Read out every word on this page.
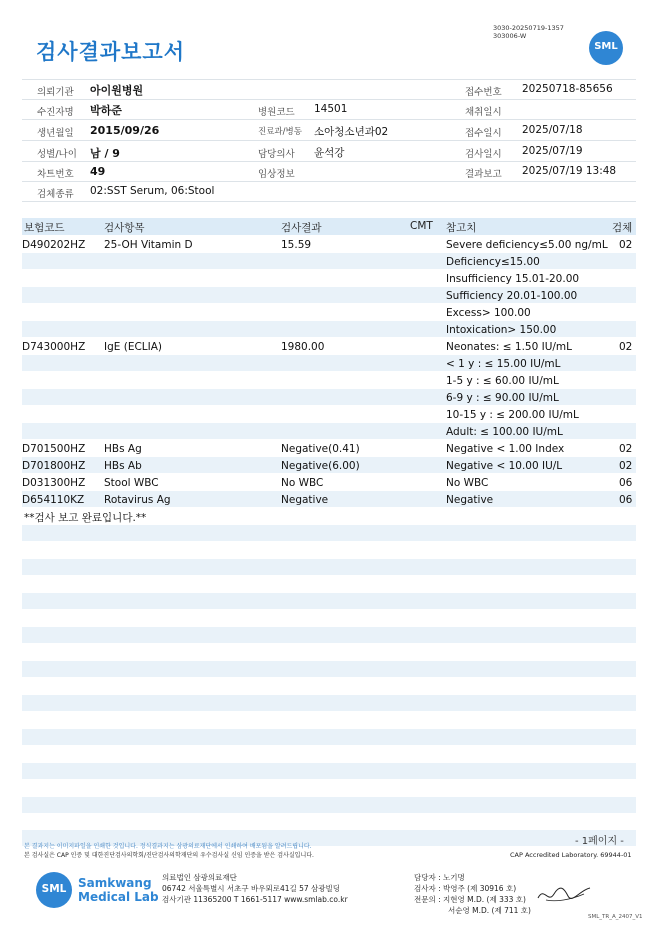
검사결과보고서
3030-20250719-1357
303006-W
SML
의뢰기관 아이원병원	접수번호 20250718-85656
수진자명 박하준	병원코드 14501	채취일시
생년월일 2015/09/26	진료과/병동 소아청소년과02	접수일시 2025/07/18
성별/나이 남 / 9	담당의사 윤석강	검사일시 2025/07/19
차트번호 49	임상정보	결과보고 2025/07/19 13:48
검체종류 02:SST Serum, 06:Stool
보험코드	검사항목	검사결과	CMT 참고치	검체
D490202HZ 25-OH Vitamin D	15.59	Severe deficiency≤5.00 ng/mL 02
Deficiency≤15.00
Insufficiency 15.01-20.00
Sufficiency 20.01-100.00
Excess> 100.00
Intoxication> 150.00
D743000HZ IgE (ECLIA)	1980.00	Neonates: ≤ 1.50 IU/mL	02
< 1 y : ≤ 15.00 IU/mL
1-5 y : ≤ 60.00 IU/mL
6-9 y : ≤ 90.00 IU/mL
10-15 y : ≤ 200.00 IU/mL
Adult: ≤ 100.00 IU/mL
D701500HZ HBs Ag	Negative(0.41)	Negative < 1.00 Index	02
D701800HZ HBs Ab	Negative(6.00)	Negative < 10.00 IU/L	02
D031300HZ Stool WBC	No WBC	No WBC	06
D654110KZ Rotavirus Ag	Negative	Negative	06
**검사 보고 완료입니다.**
- 1페이지 -
본 결과지는 이미지파일을 인쇄한 것입니다. 정식결과지는 삼광의료재단에서 인쇄하여 배포됨을 알려드립니다.
본 검사실은 CAP 인증 및 대한진단검사의학회/진단검사의학재단의 우수검사실 신임 인증을 받은 검사실입니다.	CAP Accredited Laboratory. 69944-01
SML Samkwang
Medical Lab
의료법인 삼광의료재단
06742 서울특별시 서초구 바우뫼로41길 57 삼광빌딩
검사기관 11365200 T 1661-5117 www.smlab.co.kr
담당자 : 노기명
검사자 : 박영주 (제 30916 호)
전문의 : 지현영 M.D. (제 333 호)
서순영 M.D. (제 711 호)
SML_TR_A_2407_V1
